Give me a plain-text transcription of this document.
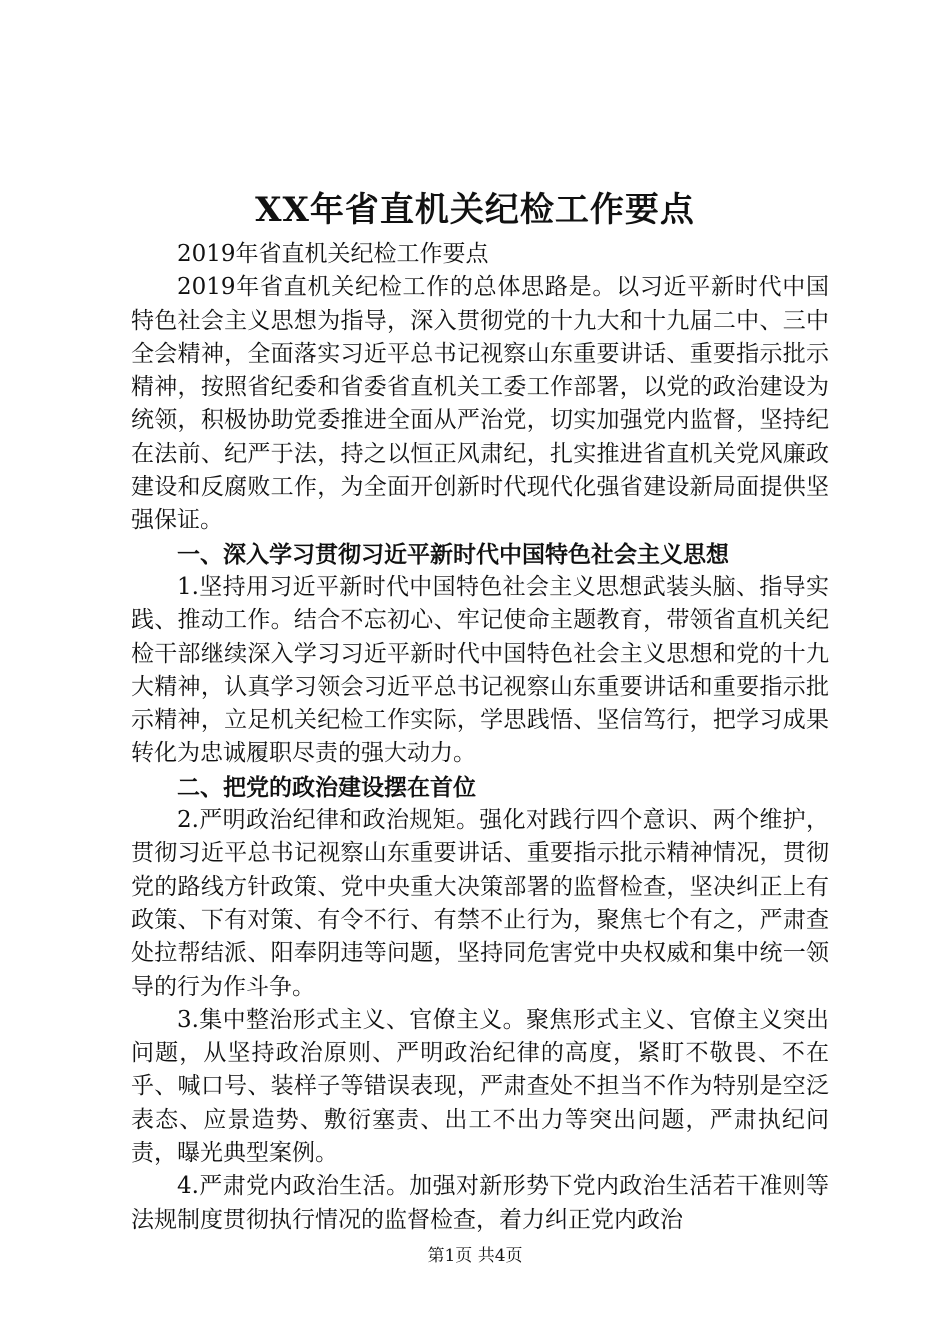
XX年省直机关纪检工作要点

2019年省直机关纪检工作要点

2019年省直机关纪检工作的总体思路是。以习近平新时代中国特色社会主义思想为指导，深入贯彻党的十九大和十九届二中、三中全会精神，全面落实习近平总书记视察山东重要讲话、重要指示批示精神，按照省纪委和省委省直机关工委工作部署，以党的政治建设为统领，积极协助党委推进全面从严治党，切实加强党内监督，坚持纪在法前、纪严于法，持之以恒正风肃纪，扎实推进省直机关党风廉政建设和反腐败工作，为全面开创新时代现代化强省建设新局面提供坚强保证。

一、深入学习贯彻习近平新时代中国特色社会主义思想

1.坚持用习近平新时代中国特色社会主义思想武装头脑、指导实践、推动工作。结合不忘初心、牢记使命主题教育，带领省直机关纪检干部继续深入学习习近平新时代中国特色社会主义思想和党的十九大精神，认真学习领会习近平总书记视察山东重要讲话和重要指示批示精神，立足机关纪检工作实际，学思践悟、坚信笃行，把学习成果转化为忠诚履职尽责的强大动力。

二、把党的政治建设摆在首位

2.严明政治纪律和政治规矩。强化对践行四个意识、两个维护，贯彻习近平总书记视察山东重要讲话、重要指示批示精神情况，贯彻党的路线方针政策、党中央重大决策部署的监督检查，坚决纠正上有政策、下有对策、有令不行、有禁不止行为，聚焦七个有之，严肃查处拉帮结派、阳奉阴违等问题，坚持同危害党中央权威和集中统一领导的行为作斗争。

3.集中整治形式主义、官僚主义。聚焦形式主义、官僚主义突出问题，从坚持政治原则、严明政治纪律的高度，紧盯不敬畏、不在乎、喊口号、装样子等错误表现，严肃查处不担当不作为特别是空泛表态、应景造势、敷衍塞责、出工不出力等突出问题，严肃执纪问责，曝光典型案例。

4.严肃党内政治生活。加强对新形势下党内政治生活若干准则等法规制度贯彻执行情况的监督检查，着力纠正党内政治

第1页 共4页
